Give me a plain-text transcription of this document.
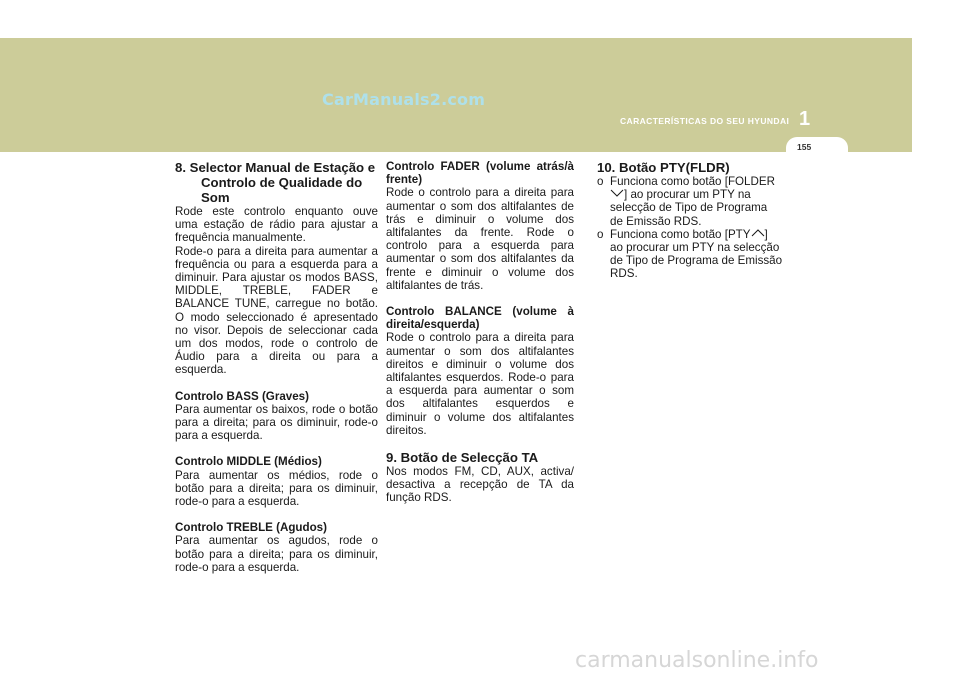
CarManuals2.com
CARACTERÍSTICAS DO SEU HYUNDAI 1
155

8. Selector Manual de Estação e Controlo de Qualidade do Som

Rode este controlo enquanto ouve uma estação de rádio para ajustar a frequência manualmente.

Rode-o para a direita para aumentar a frequência ou para a esquerda para a diminuir. Para ajustar os modos BASS, MIDDLE, TREBLE, FADER e BALANCE TUNE, carregue no botão. O modo seleccionado é apresentado no visor. Depois de seleccionar cada um dos modos, rode o controlo de Áudio para a direita ou para a esquerda.

Controlo BASS (Graves)
Para aumentar os baixos, rode o botão para a direita; para os diminuir, rode-o para a esquerda.

Controlo MIDDLE (Médios)
Para aumentar os médios, rode o botão para a direita; para os diminuir, rode-o para a esquerda.

Controlo TREBLE (Agudos)
Para aumentar os agudos, rode o botão para a direita; para os diminuir, rode-o para a esquerda.

Controlo FADER (volume atrás/à frente)
Rode o controlo para a direita para aumentar o som dos altifalantes de trás e diminuir o volume dos altifalantes da frente. Rode o controlo para a esquerda para aumentar o som dos altifalantes da frente e diminuir o volume dos altifalantes de trás.

Controlo BALANCE (volume à direita/esquerda)
Rode o controlo para a direita para aumentar o som dos altifalantes direitos e diminuir o volume dos altifalantes esquerdos. Rode-o para a esquerda para aumentar o som dos altifalantes esquerdos e diminuir o volume dos altifalantes direitos.

9. Botão de Selecção TA

Nos modos FM, CD, AUX, activa/ desactiva a recepção de TA da função RDS.

10. Botão PTY(FLDR)

o Funciona como botão [FOLDER] ao procurar um PTY na selecção de Tipo de Programa de Emissão RDS.
o Funciona como botão [PTY ] ao procurar um PTY na selecção de Tipo de Programa de Emissão RDS.
carmanualsonline.info
